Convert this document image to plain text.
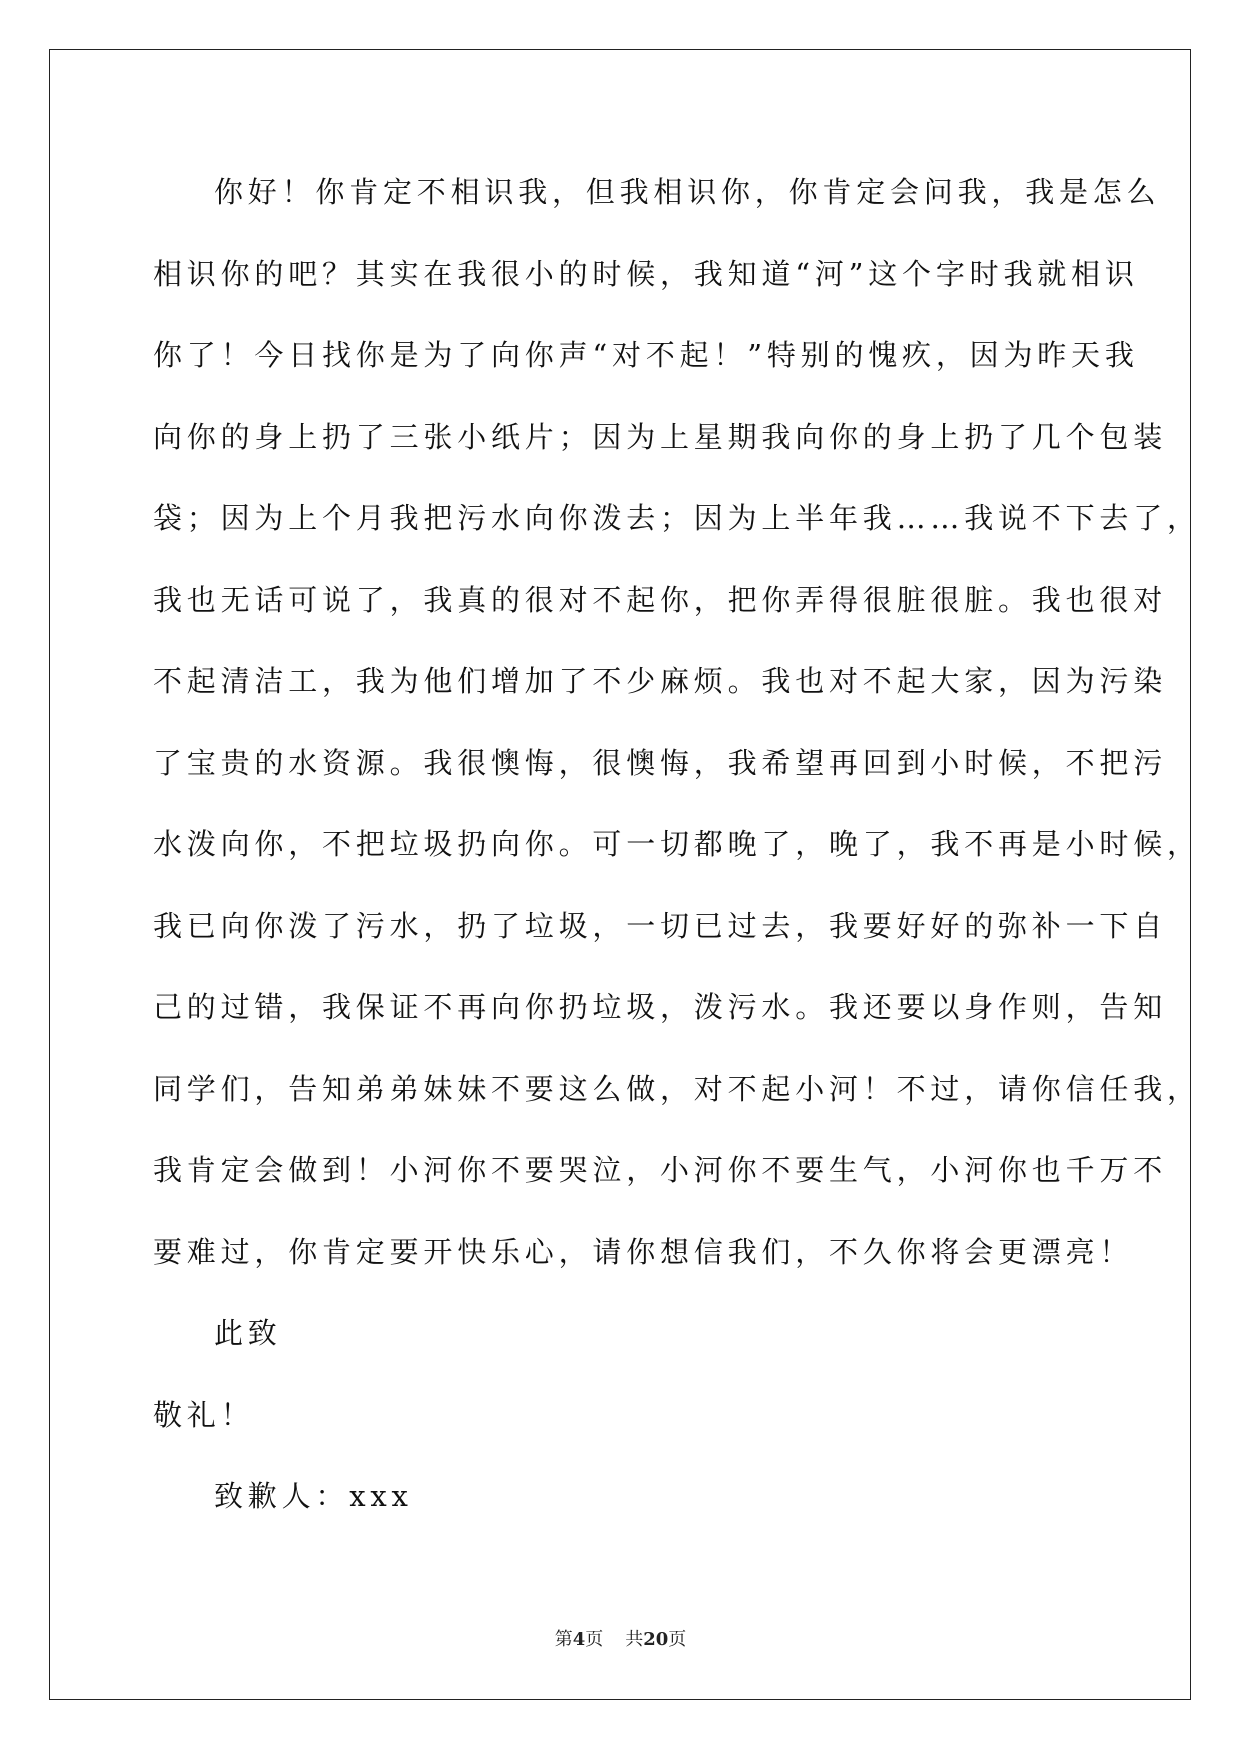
你好！你肯定不相识我，但我相识你，你肯定会问我，我是怎么
相识你的吧？其实在我很小的时候，我知道“河”这个字时我就相识
你了！今日找你是为了向你声“对不起！”特别的愧疚，因为昨天我
向你的身上扔了三张小纸片；因为上星期我向你的身上扔了几个包装
袋；因为上个月我把污水向你泼去；因为上半年我……我说不下去了，
我也无话可说了，我真的很对不起你，把你弄得很脏很脏。我也很对
不起清洁工，我为他们增加了不少麻烦。我也对不起大家，因为污染
了宝贵的水资源。我很懊悔，很懊悔，我希望再回到小时候，不把污
水泼向你，不把垃圾扔向你。可一切都晚了，晚了，我不再是小时候，
我已向你泼了污水，扔了垃圾，一切已过去，我要好好的弥补一下自
己的过错，我保证不再向你扔垃圾，泼污水。我还要以身作则，告知
同学们，告知弟弟妹妹不要这么做，对不起小河！不过，请你信任我，
我肯定会做到！小河你不要哭泣，小河你不要生气，小河你也千万不
要难过，你肯定要开快乐心，请你想信我们，不久你将会更漂亮！
此致
敬礼！
致歉人：xxx
第4页 共20页
